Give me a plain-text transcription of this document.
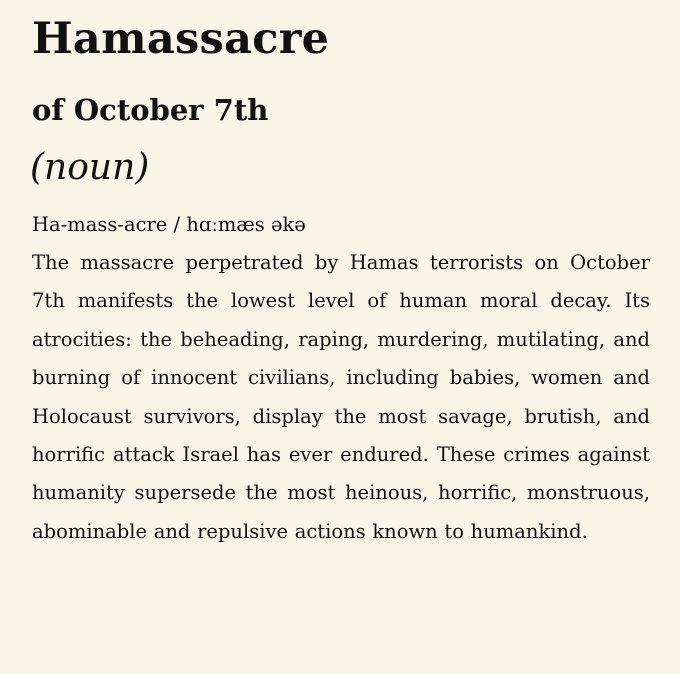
Hamassacre
of October 7th

(noun)

Ha-mass-acre / hɑːmæs əkə

The massacre perpetrated by Hamas terrorists on October 7th manifests the lowest level of human moral decay. Its atrocities: the beheading, raping, murdering, mutilating, and burning of innocent civilians, including babies, women and Holocaust survivors, display the most savage, brutish, and horrific attack Israel has ever endured. These crimes against humanity supersede the most heinous, horrific, monstruous, abominable and repulsive actions known to humankind.
